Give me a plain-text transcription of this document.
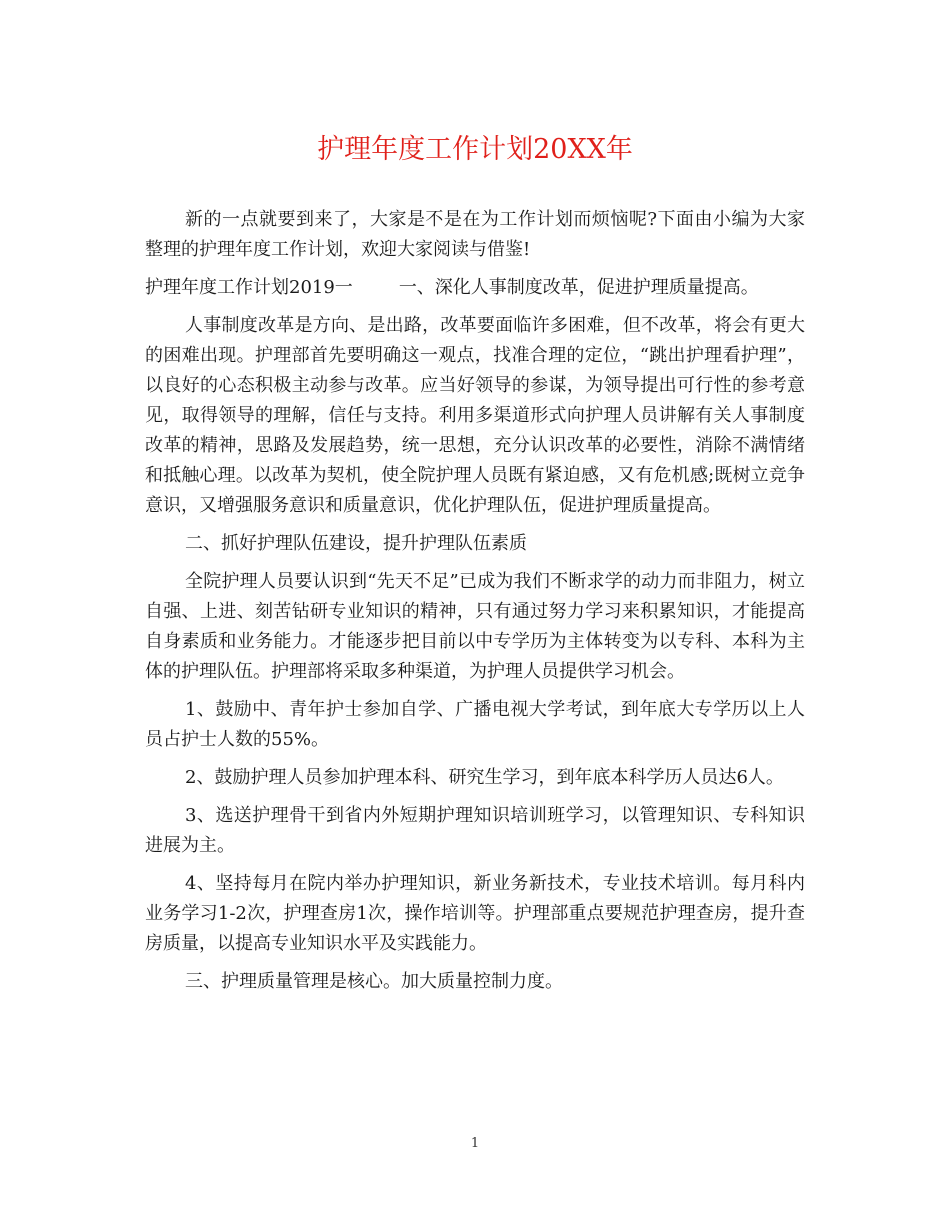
护理年度工作计划20XX年

新的一点就要到来了，大家是不是在为工作计划而烦恼呢?下面由小编为大家整理的护理年度工作计划，欢迎大家阅读与借鉴!

护理年度工作计划2019一	一、深化人事制度改革，促进护理质量提高。

人事制度改革是方向、是出路，改革要面临许多困难，但不改革，将会有更大的困难出现。护理部首先要明确这一观点，找准合理的定位，“跳出护理看护理”，以良好的心态积极主动参与改革。应当好领导的参谋，为领导提出可行性的参考意见，取得领导的理解，信任与支持。利用多渠道形式向护理人员讲解有关人事制度改革的精神，思路及发展趋势，统一思想，充分认识改革的必要性，消除不满情绪和抵触心理。以改革为契机，使全院护理人员既有紧迫感，又有危机感;既树立竞争意识，又增强服务意识和质量意识，优化护理队伍，促进护理质量提高。

二、抓好护理队伍建设，提升护理队伍素质

全院护理人员要认识到“先天不足”已成为我们不断求学的动力而非阻力，树立自强、上进、刻苦钻研专业知识的精神，只有通过努力学习来积累知识，才能提高自身素质和业务能力。才能逐步把目前以中专学历为主体转变为以专科、本科为主体的护理队伍。护理部将采取多种渠道，为护理人员提供学习机会。

1、鼓励中、青年护士参加自学、广播电视大学考试，到年底大专学历以上人员占护士人数的55%。

2、鼓励护理人员参加护理本科、研究生学习，到年底本科学历人员达6人。

3、选送护理骨干到省内外短期护理知识培训班学习，以管理知识、专科知识进展为主。

4、坚持每月在院内举办护理知识，新业务新技术，专业技术培训。每月科内业务学习1-2次，护理查房1次，操作培训等。护理部重点要规范护理查房，提升查房质量，以提高专业知识水平及实践能力。

三、护理质量管理是核心。加大质量控制力度。

1
